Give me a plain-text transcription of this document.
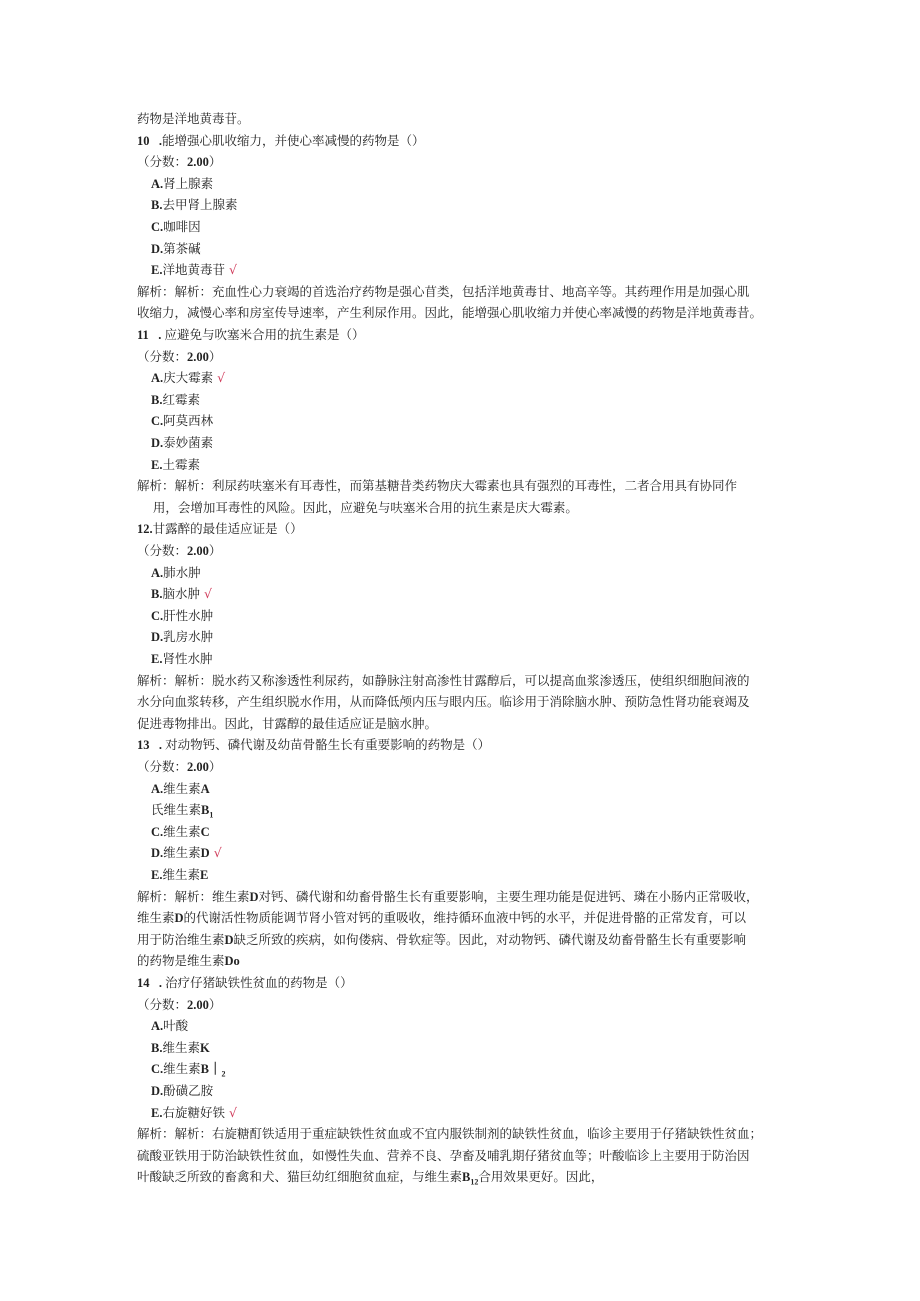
药物是洋地黄毒苷。
10   .能增强心肌收缩力，并使心率减慢的药物是（）
（分数：2.00）
A.肾上腺素
B.去甲肾上腺素
C.咖啡因
D.第茶碱
E.洋地黄毒苷 √
解析：解析：充血性心力衰竭的首选治疗药物是强心苜类，包括洋地黄毒甘、地高辛等。其药理作用是加强心肌
收缩力，减慢心率和房室传导速率，产生利尿作用。因此，能增强心肌收缩力并使心率减慢的药物是洋地黄毒昔。
11   . 应避免与吹塞米合用的抗生素是（）
（分数：2.00）
A.庆大霉素 √
B.红霉素
C.阿莫西林
D.泰妙菌素
E.土霉素
解析：解析：利尿药呋塞米有耳毒性，而第基糖昔类药物庆大霉素也具有强烈的耳毒性，二者合用具有协同作
用，会增加耳毒性的风险。因此，应避免与呋塞米合用的抗生素是庆大霉素。
12.甘露醉的最佳适应证是（）
（分数：2.00）
A.肺水肿
B.脑水肿 √
C.肝性水肿
D.乳房水肿
E.肾性水肿
解析：解析：脱水药又称渗透性利尿药，如静脉注射高渗性甘露醇后，可以提高血浆渗透压，使组织细胞间液的
水分向血浆转移，产生组织脱水作用，从而降低颅内压与眼内压。临诊用于消除脑水肿、预防急性肾功能衰竭及
促进毒物排出。因此，甘露醇的最佳适应证是脑水肿。
13   . 对动物钙、磷代谢及幼苗骨骼生长有重要影响的药物是（）
（分数：2.00）
A.维生素A
氏维生素$B_1$
C.维生素C
D.维生素D √
E.维生素E
解析：解析：维生素D对钙、磷代谢和幼畜骨骼生长有重要影响，主要生理功能是促进钙、璘在小肠内正常吸收，
维生素D的代谢活性物质能调节肾小管对钙的重吸收，维持循环血液中钙的水平，并促进骨骼的正常发育，可以
用于防治维生素D缺乏所致的疾病，如佝偻病、骨软症等。因此，对动物钙、磷代谢及幼畜骨骼生长有重要影响
的药物是维生素Do
14   . 治疗仔猪缺铁性贫血的药物是（）
（分数：2.00）
A.叶酸
B.维生素K
C.维生素$B|_2$
D.酚磺乙胺
E.右旋糖好铁 √
解析：解析：右旋糖酊铁适用于重症缺铁性贫血或不宜内服铁制剂的缺铁性贫血，临诊主要用于仔猪缺铁性贫血；
硫酸亚铁用于防治缺铁性贫血，如慢性失血、营养不良、孕畜及哺乳期仔猪贫血等；叶酸临诊上主要用于防治因
叶酸缺乏所致的畜禽和犬、猫巨幼红细胞贫血症，与维生素$B_{12}$合用效果更好。因此，
